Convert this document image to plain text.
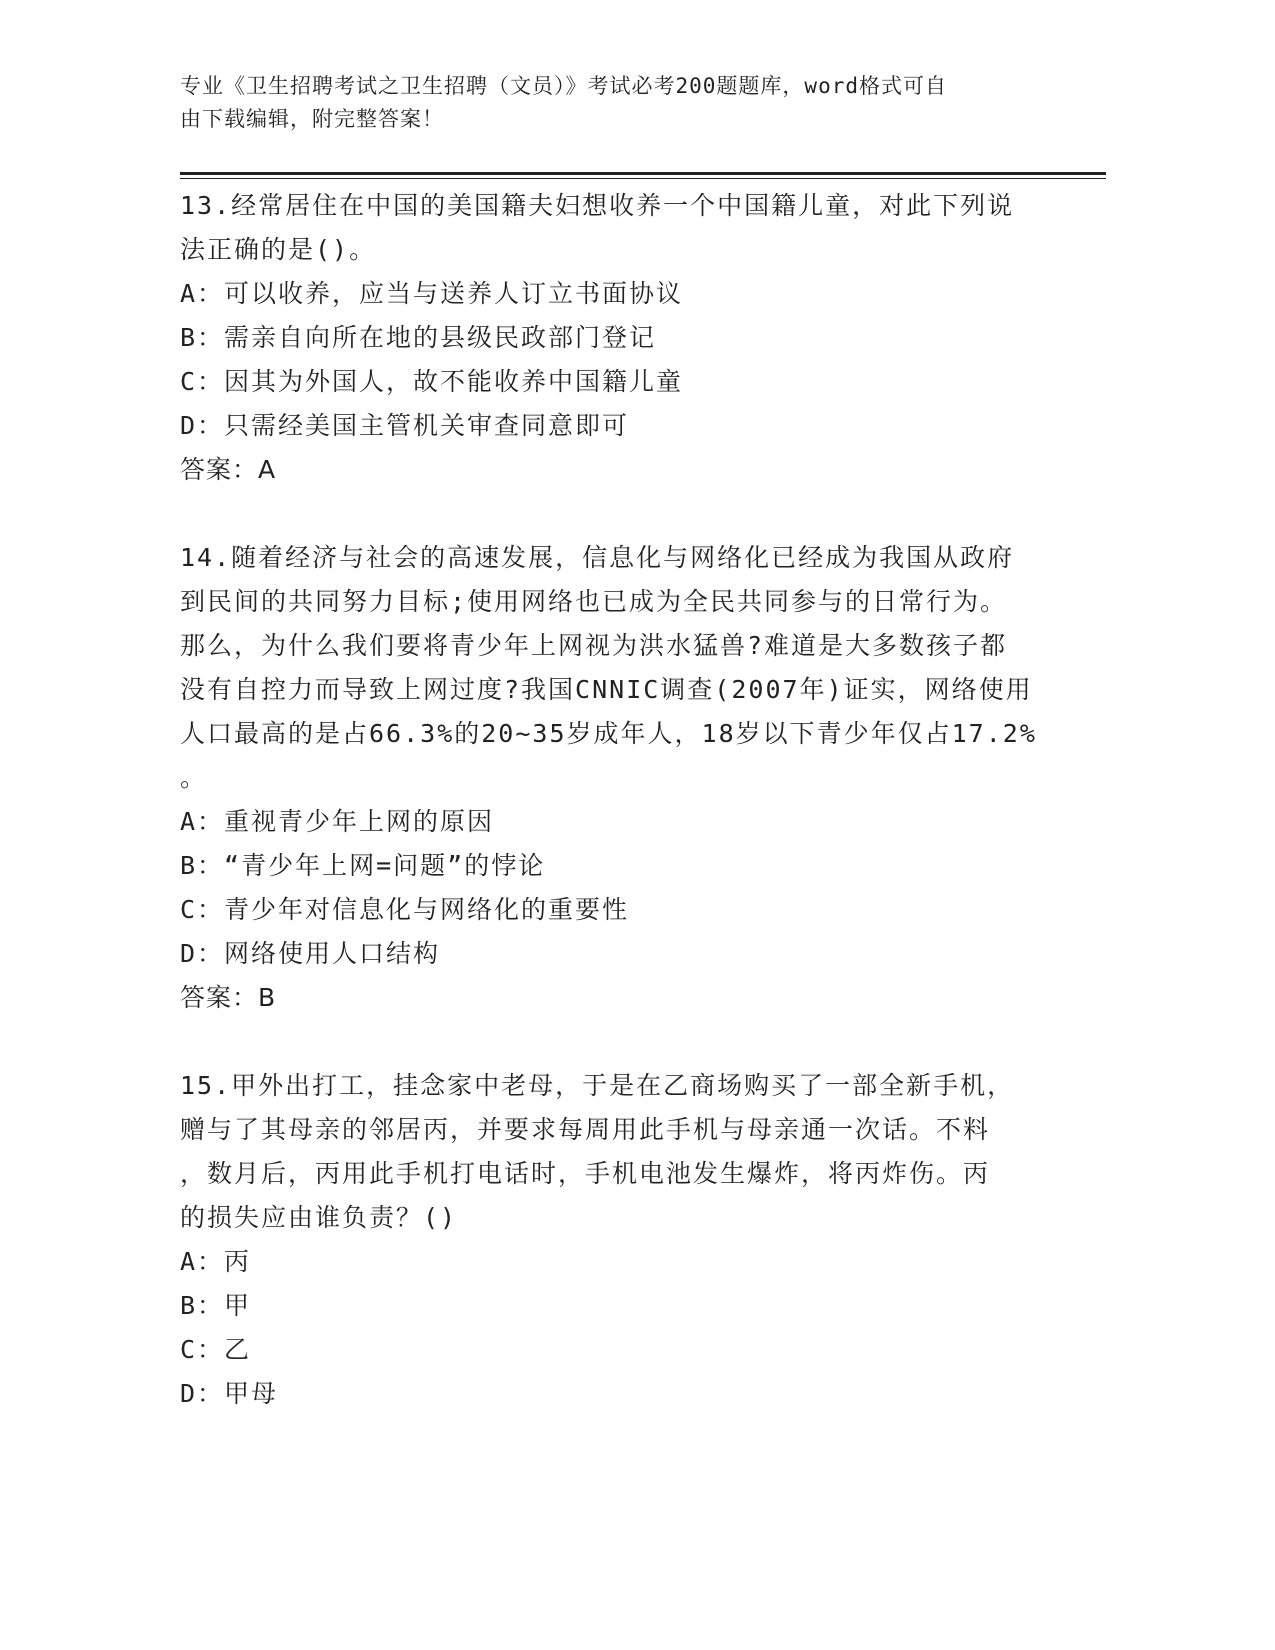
专业《卫生招聘考试之卫生招聘（文员）》考试必考200题题库，word格式可自
由下载编辑，附完整答案！

13.经常居住在中国的美国籍夫妇想收养一个中国籍儿童，对此下列说

法正确的是()。

A：可以收养，应当与送养人订立书面协议

B：需亲自向所在地的县级民政部门登记

C：因其为外国人，故不能收养中国籍儿童

D：只需经美国主管机关审查同意即可

答案：A

14.随着经济与社会的高速发展，信息化与网络化已经成为我国从政府

到民间的共同努力目标;使用网络也已成为全民共同参与的日常行为。

那么，为什么我们要将青少年上网视为洪水猛兽?难道是大多数孩子都

没有自控力而导致上网过度?我国CNNIC调查(2007年)证实，网络使用

人口最高的是占66.3%的20~35岁成年人，18岁以下青少年仅占17.2%

。

A：重视青少年上网的原因

B：“青少年上网=问题”的悖论

C：青少年对信息化与网络化的重要性

D：网络使用人口结构

答案：B

15.甲外出打工，挂念家中老母，于是在乙商场购买了一部全新手机，

赠与了其母亲的邻居丙，并要求每周用此手机与母亲通一次话。不料

，数月后，丙用此手机打电话时，手机电池发生爆炸，将丙炸伤。丙

的损失应由谁负责？()

A：丙

B：甲

C：乙

D：甲母
